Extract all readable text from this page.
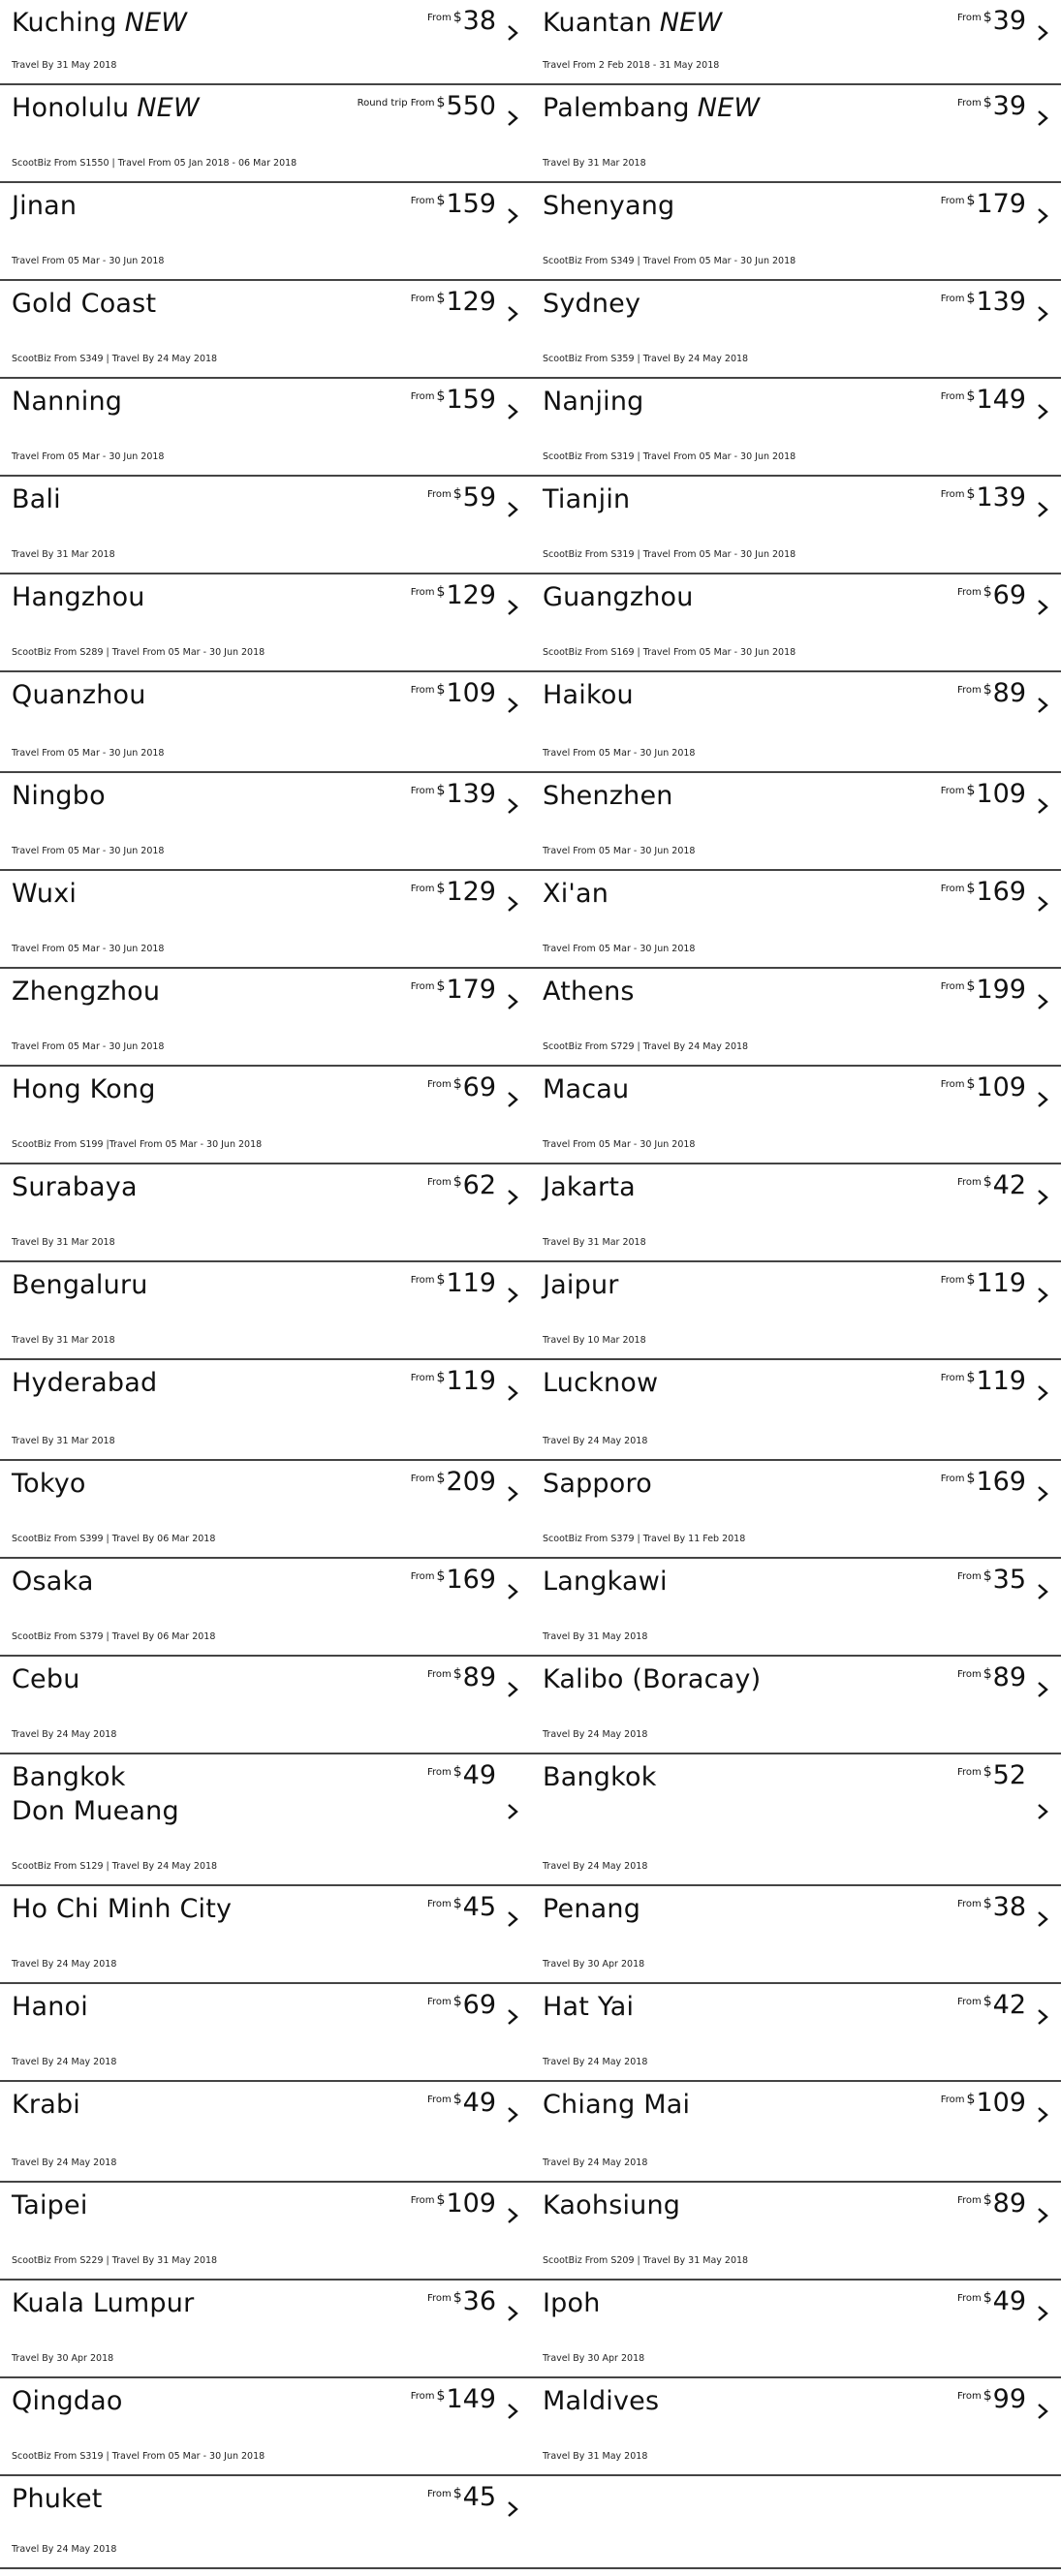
Kuching NEW	From $ 38
Travel By 31 May 2018
Kuantan NEW	From $ 39
Travel From 2 Feb 2018 - 31 May 2018
Honolulu NEW	Round trip From $ 550
ScootBiz From S1550 | Travel From 05 Jan 2018 - 06 Mar 2018
Palembang NEW	From $ 39
Travel By 31 Mar 2018
Jinan	From $ 159
Travel From 05 Mar - 30 Jun 2018
Shenyang	From $ 179
ScootBiz From S349 | Travel From 05 Mar - 30 Jun 2018
Gold Coast	From $ 129
ScootBiz From S349 | Travel By 24 May 2018
Sydney	From $ 139
ScootBiz From S359 | Travel By 24 May 2018
Nanning	From $ 159
Travel From 05 Mar - 30 Jun 2018
Nanjing	From $ 149
ScootBiz From S319 | Travel From 05 Mar - 30 Jun 2018
Bali	From $ 59
Travel By 31 Mar 2018
Tianjin	From $ 139
ScootBiz From S319 | Travel From 05 Mar - 30 Jun 2018
Hangzhou	From $ 129
ScootBiz From S289 | Travel From 05 Mar - 30 Jun 2018
Guangzhou	From $ 69
ScootBiz From S169 | Travel From 05 Mar - 30 Jun 2018
Quanzhou	From $ 109
Travel From 05 Mar - 30 Jun 2018
Haikou	From $ 89
Travel From 05 Mar - 30 Jun 2018
Ningbo	From $ 139
Travel From 05 Mar - 30 Jun 2018
Shenzhen	From $ 109
Travel From 05 Mar - 30 Jun 2018
Wuxi	From $ 129
Travel From 05 Mar - 30 Jun 2018
Xi'an	From $ 169
Travel From 05 Mar - 30 Jun 2018
Zhengzhou	From $ 179
Travel From 05 Mar - 30 Jun 2018
Athens	From $ 199
ScootBiz From S729 | Travel By 24 May 2018
Hong Kong	From $ 69
ScootBiz From S199 |Travel From 05 Mar - 30 Jun 2018
Macau	From $ 109
Travel From 05 Mar - 30 Jun 2018
Surabaya	From $ 62
Travel By 31 Mar 2018
Jakarta	From $ 42
Travel By 31 Mar 2018
Bengaluru	From $ 119
Travel By 31 Mar 2018
Jaipur	From $ 119
Travel By 10 Mar 2018
Hyderabad	From $ 119
Travel By 31 Mar 2018
Lucknow	From $ 119
Travel By 24 May 2018
Tokyo	From $ 209
ScootBiz From S399 | Travel By 06 Mar 2018
Sapporo	From $ 169
ScootBiz From S379 | Travel By 11 Feb 2018
Osaka	From $ 169
ScootBiz From S379 | Travel By 06 Mar 2018
Langkawi	From $ 35
Travel By 31 May 2018
Cebu	From $ 89
Travel By 24 May 2018
Kalibo (Boracay)	From $ 89
Travel By 24 May 2018
Bangkok
Don Mueang
From $ 49
ScootBiz From S129 | Travel By 24 May 2018
Bangkok	From $ 52
Travel By 24 May 2018
Ho Chi Minh City	From $ 45
Travel By 24 May 2018
Penang	From $ 38
Travel By 30 Apr 2018
Hanoi	From $ 69
Travel By 24 May 2018
Hat Yai	From $ 42
Travel By 24 May 2018
Krabi	From $ 49
Travel By 24 May 2018
Chiang Mai	From $ 109
Travel By 24 May 2018
Taipei	From $ 109
ScootBiz From S229 | Travel By 31 May 2018
Kaohsiung	From $ 89
ScootBiz From S209 | Travel By 31 May 2018
Kuala Lumpur	From $ 36
Travel By 30 Apr 2018
Ipoh	From $ 49
Travel By 30 Apr 2018
Qingdao	From $ 149
ScootBiz From S319 | Travel From 05 Mar - 30 Jun 2018
Maldives	From $ 99
Travel By 31 May 2018
Phuket	From $ 45
Travel By 24 May 2018
